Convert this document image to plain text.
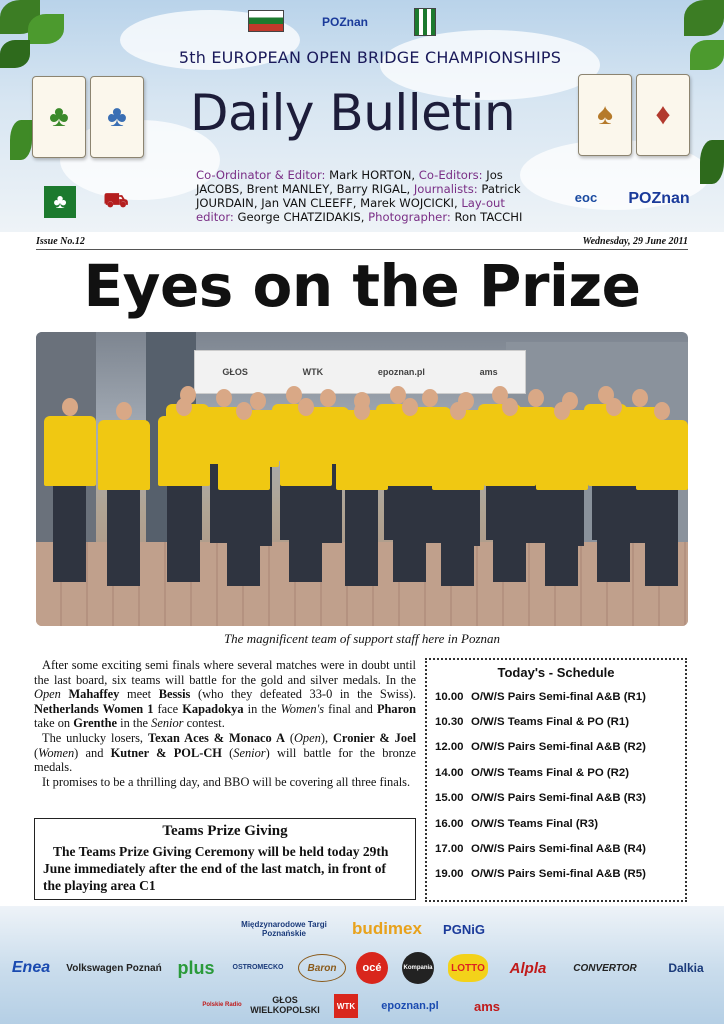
POZnan
5th EUROPEAN OPEN BRIDGE CHAMPIONSHIPS
Daily Bulletin
♣	♣	♠	♦
♣	⛟
Co-Ordinator & Editor: Mark HORTON, Co-Editors: Jos JACOBS, Brent MANLEY, Barry RIGAL, Journalists: Patrick JOURDAIN, Jan VAN CLEEFF, Marek WOJCICKI, Lay-out editor: George CHATZIDAKIS, Photographer: Ron TACCHI
eoc	POZnan
Issue No.12	Wednesday, 29 June 2011
Eyes on the Prize
GŁOS	WTK	epoznan.pl	ams
The magnificent team of support staff here in Poznan

After some exciting semi finals where several matches were in doubt until the last board, six teams will battle for the gold and silver medals. In the Open Mahaffey meet Bessis (who they defeated 33-0 in the Swiss). Netherlands Women 1 face Kapadokya in the Women's final and Pharon take on Grenthe in the Senior contest.

The unlucky losers, Texan Aces & Monaco A (Open), Cronier & Joel (Women) and Kutner & POL-CH (Senior) will battle for the bronze medals.

It promises to be a thrilling day, and BBO will be covering all three finals.

Teams Prize Giving
The Teams Prize Giving Ceremony will be held today 29th June immediately after the end of the last match, in front of the playing area C1
Today's - Schedule
10.00 O/W/S Pairs Semi-final A&B (R1)
10.30 O/W/S Teams Final & PO (R1)
12.00 O/W/S Pairs Semi-final A&B (R2)
14.00 O/W/S Teams Final & PO (R2)
15.00 O/W/S Pairs Semi-final A&B (R3)
16.00 O/W/S Teams Final (R3)
17.00 O/W/S Pairs Semi-final A&B (R4)
19.00 O/W/S Pairs Semi-final A&B (R5)
Międzynarodowe Targi Poznańskie	budimex	PGNiG
Enea	Volkswagen Poznań plus	OSTROMECKO	Baron	océ	Kompania	LOTTO	Alpla	CONVERTOR	Dalkia
Polskie Radio	GŁOS WIELKOPOLSKI	WTK	epoznan.pl	ams
